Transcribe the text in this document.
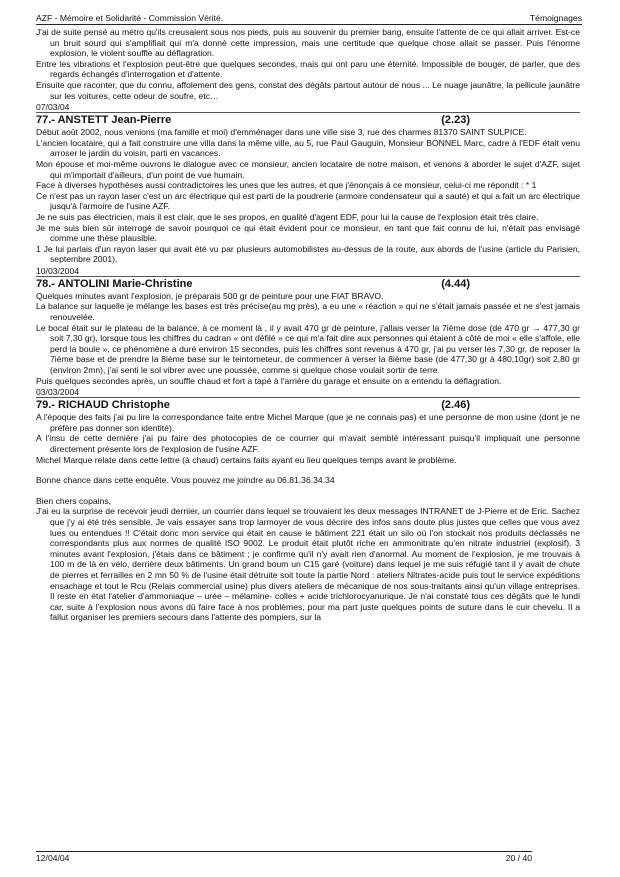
AZF - Mémoire et Solidarité - Commission Vérité.	Témoignages

J'ai de suite pensé au métro qu'ils creusaient sous nos pieds, puis au souvenir du premier bang, ensuite l'attente de ce qui allait arriver. Est-ce un bruit sourd qui s'amplifiait qui m'a donné cette impression, mais une certitude que quelque chose allait se passer. Puis l'énorme explosion, le violent souffle au déflagration.

Entre les vibrations et l'explosion peut-être que quelques secondes, mais qui ont paru une éternité. Impossible de bouger, de parler, que des regards échangés d'interrogation et d'attente.

Ensuite que raconter, que du connu, affolement des gens, constat des dégâts partout autour de nous ... Le nuage jaunâtre, la pellicule jaunâtre sur les voitures, cette odeur de soufre, etc…

07/03/04
77.- ANSTETT Jean-Pierre	(2.23)

Début août 2002, nous venions (ma famille et moi) d'emménager dans une ville sise 3, rue des charmes 81370 SAINT SULPICE.

L'ancien locataire, qui a fait construire une villa dans la même ville, au 5, rue Paul Gauguin, Monsieur BONNEL Marc, cadre à l'EDF était venu arroser le jardin du voisin, parti en vacances.

Mon épouse et moi-même ouvrons le dialogue avec ce monsieur, ancien locataire de notre maison, et venons à aborder le sujet d'AZF, sujet qui m'importait d'ailleurs, d'un point de vue humain.

Face à diverses hypothèses aussi contradictoires les unes que les autres, et que j'énonçais à ce monsieur, celui-ci me répondit : * 1

Ce n'est pas un rayon laser c'est un arc électrique qui est parti de la poudrerie (armoire condensateur qui a sauté) et qui a fait un arc électrique jusqu'à l'armoire de l'usine AZF.

Je ne suis pas électricien, mais il est clair, que le ses propos, en qualité d'agent EDF, pour lui la cause de l'explosion était très claire.

Je me suis bien sûr interrogé de savoir pourquoi ce qui était évident pour ce monsieur, en tant que fait connu de lui, n'était pas envisagé comme une thèse plausible.

1 Je lui parlais d'un rayon laser qui avait été vu par plusieurs automobilistes au-dessus de la route, aux abords de l'usine (article du Parisien, septembre 2001).

10/03/2004
78.- ANTOLINI Marie-Christine	(4.44)

Quelques minutes avant l'explosion, je préparais 500 gr de peinture pour une FIAT BRAVO.

La balance sur laquelle je mélange les bases est très précise(au mg près), a eu une « réaction » qui ne s'était jamais passée et ne s'est jamais renouvelée.

Le bocal était sur le plateau de la balance, à ce moment là , il y avait 470 gr de peinture, j'allais verser la 7ième dose (de 470 gr → 477,30 gr soit 7,30 gr), lorsque tous les chiffres du cadran « ont défilé » ce qui m'a fait dire aux personnes qui étaient à côté de moi « elle s'affole, elle perd la boule », ce phénomène a duré environ 15 secondes, puis les chiffres sont revenus à 470 gr, j'ai pu verser les 7,30 gr, de reposer la 7ième base et de prendre la 8ième base sur le teintometeur, de commencer à verser la 8ième base (de 477,30 gr à 480,10gr) soit 2,80 gr (environ 2mn), j'ai senti le sol vibrer avec une poussée, comme si quelque chose voulait sortir de terre.

Puis quelques secondes après, un souffle chaud et fort a tapé à l'arrière du garage et ensuite on a entendu la déflagration.

03/03/2004
79.- RICHAUD Christophe	(2.46)

A l'époque des faits j'ai pu lire la correspondance faite entre Michel Marque (que je ne connais pas) et une personne de mon usine (dont je ne préfère pas donner son identité).

A l'insu de cette dernière j'ai pu faire des photocopies de ce courrier qui m'avait semblé intéressant puisqu'il impliquait une personne directement présente lors de l'explosion de l'usine AZF.

Michel Marque relate dans cette lettre (à chaud) certains faits ayant eu lieu quelques temps avant le problème.

Bonne chance dans cette enquête. Vous pouvez me joindre au 06.81.36.34.34

Bien chers copains,

J'ai eu la surprise de recevoir jeudi dernier, un courrier dans lequel se trouvaient les deux messages INTRANET de J-Pierre et de Eric. Sachez que j'y ai été très sensible. Je vais essayer sans trop larmoyer de vous décrire des infos sans doute plus justes que celles que vous avez lues ou entendues !! C'était donc mon service qui était en cause le bâtiment 221 était un silo où l'on stockait nos produits déclassés ne correspondants plus aux normes de qualité ISO 9002. Le produit était plutôt riche en ammonitrate qu'en nitrate industriel (explosif). 3 minutes avant l'explosion, j'étais dans ce bâtiment ; je confirme qu'il n'y avait rien d'anormal. Au moment de l'explosion, je me trouvais à 100 m de là en vélo, derrière deux bâtiments. Un grand boum un C15 garé (voiture) dans lequel je me suis réfugié tant il y avait de chute de pierres et ferrailles en 2 mn 50 % de l'usine était détruite soit toute la partie Nord : ateliers Nitrates-acide puis tout le service expéditions ensachage et tout le Rcu (Relais commercial usine) plus divers ateliers de mécanique de nos sous-traitants ainsi qu'un village entreprises. Il reste en état l'atelier d'ammoniaque – urée – mélamine- colles + acide trichlorocyanurique. Je n'ai constaté tous ces dégâts que le lundi car, suite à l'explosion nous avons dû faire face à nos problèmes, pour ma part juste quelques points de suture dans le cuir chevelu. Il a fallut organiser les premiers secours dans l'attente des pompiers, sur la

12/04/04	20 / 40
